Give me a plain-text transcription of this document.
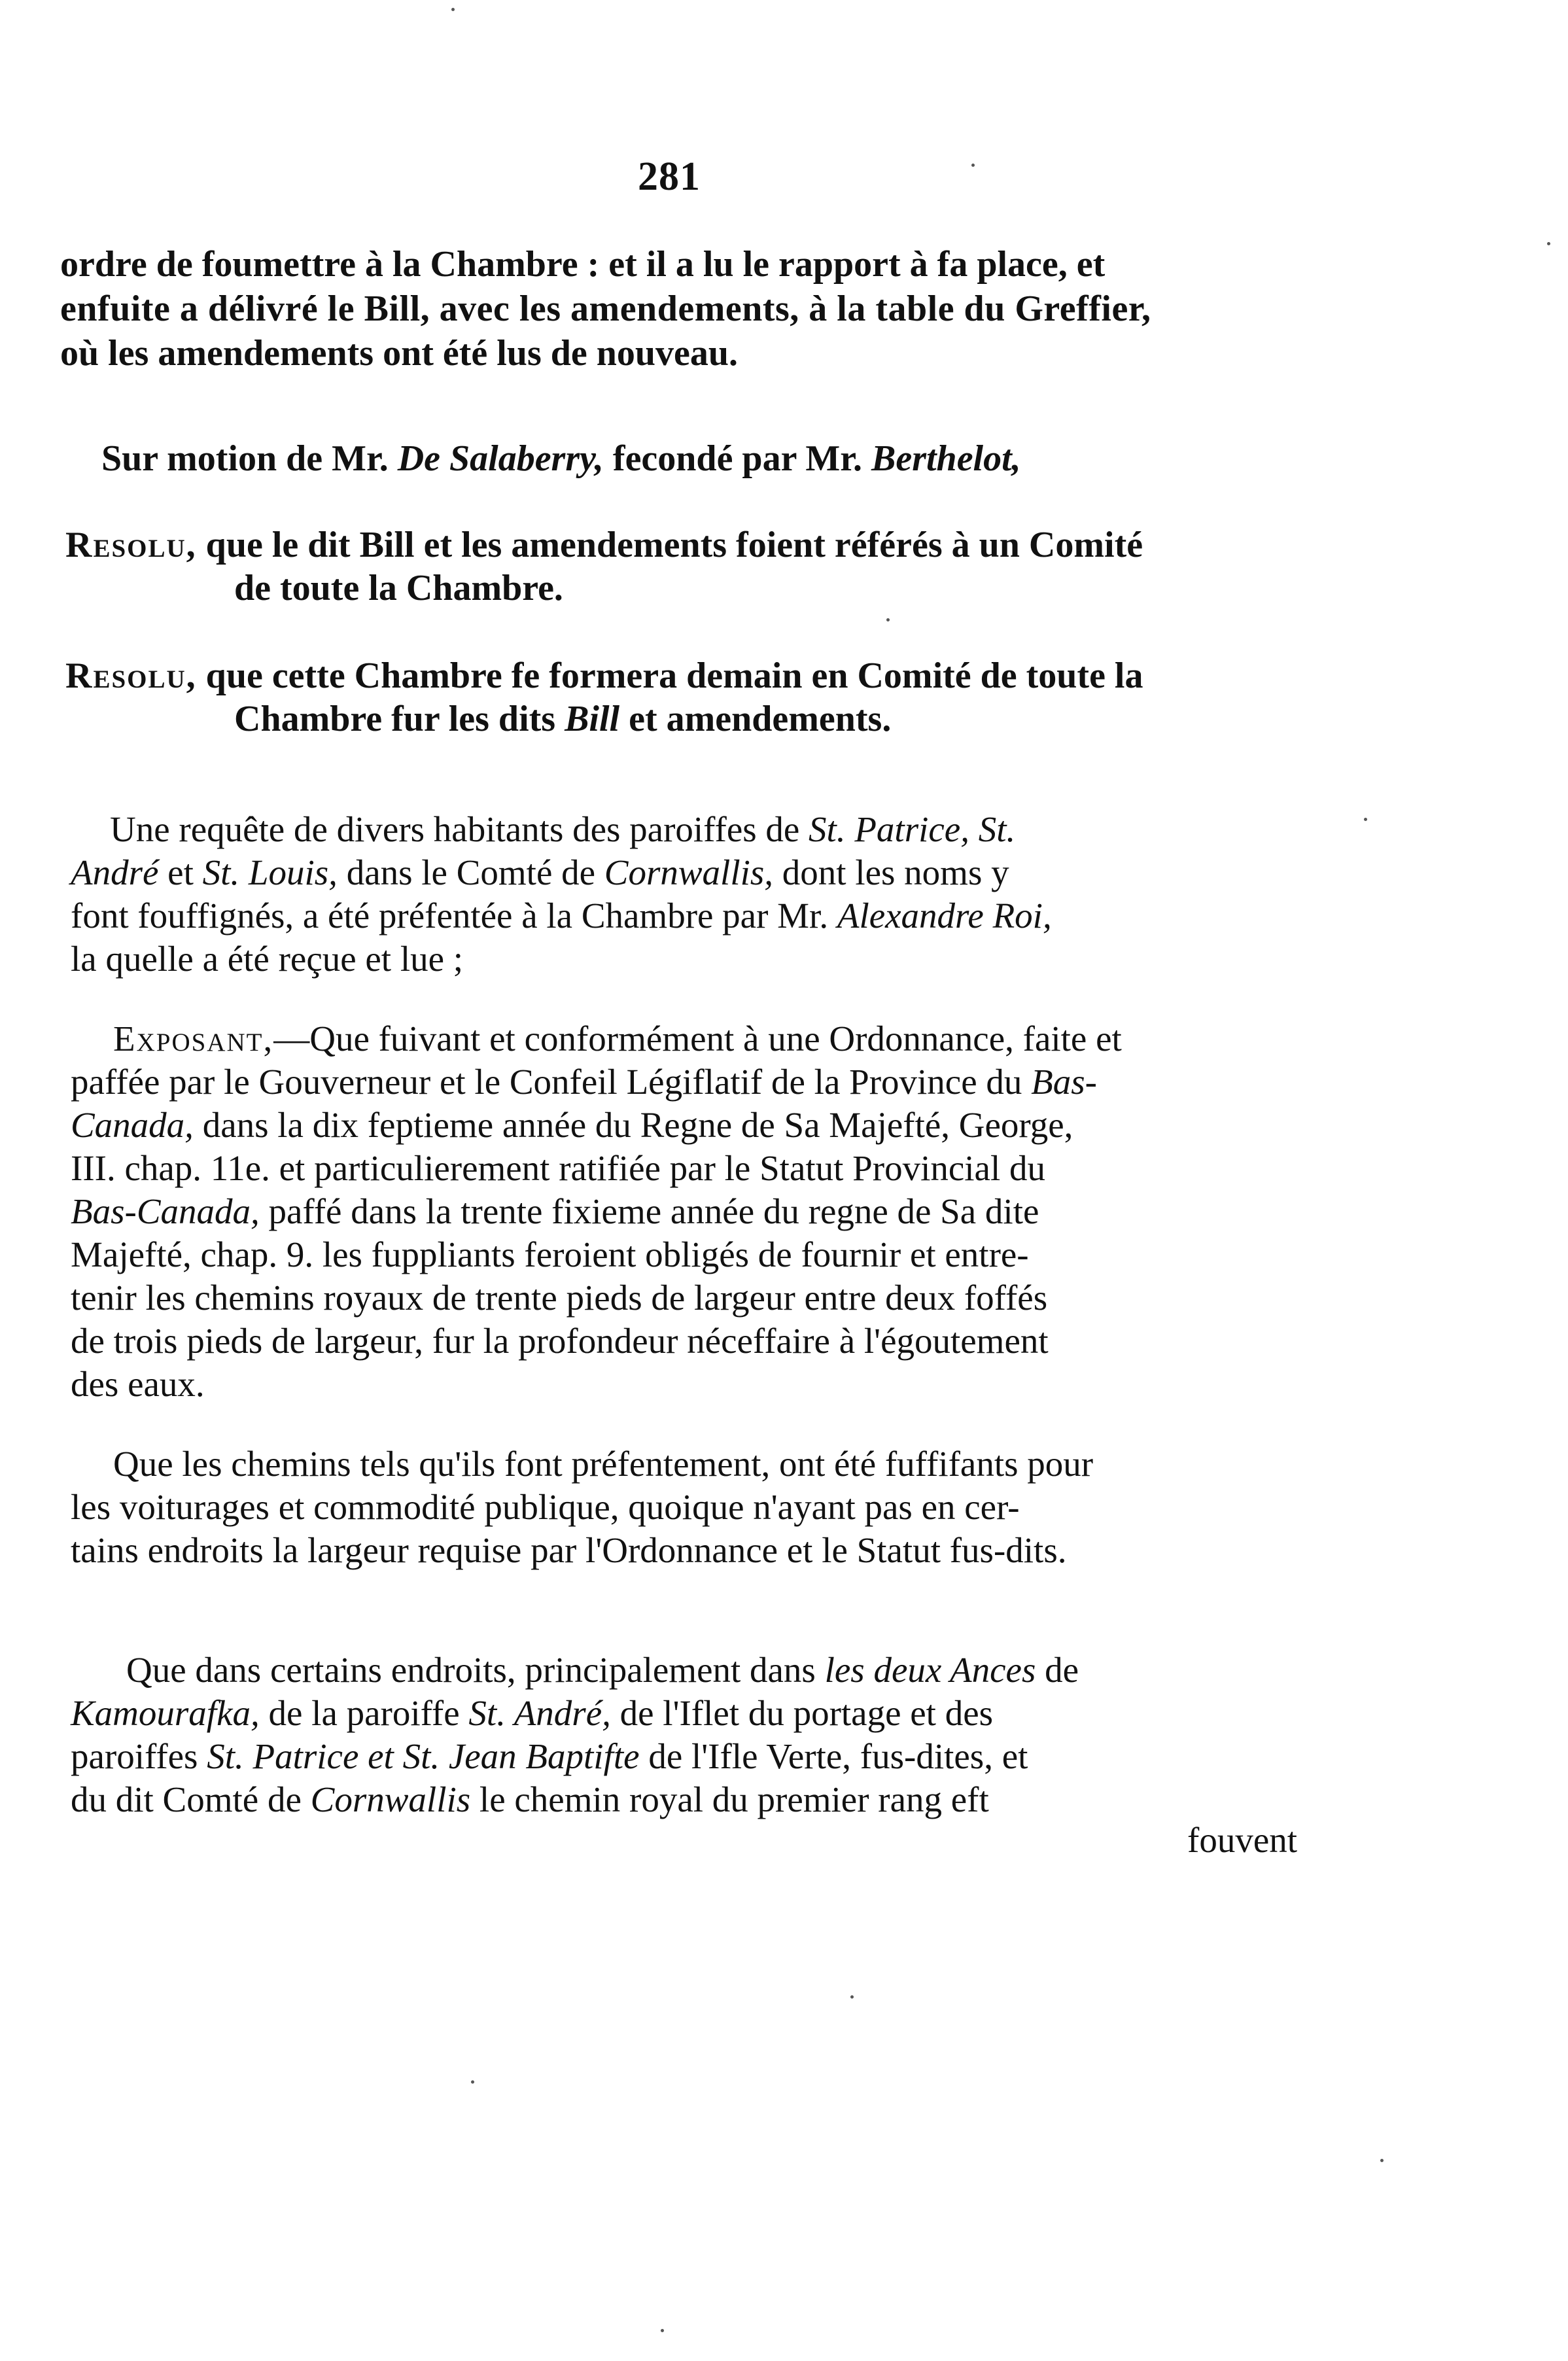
281
ordre de foumettre à la Chambre : et il a lu le rapport à fa place, et
enfuite a délivré le Bill, avec les amendements, à la table du Greffier,
où les amendements ont été lus de nouveau.
Sur motion de Mr. De Salaberry, fecondé par Mr. Berthelot,
Resolu, que le dit Bill et les amendements foient référés à un Comité
de toute la Chambre.
Resolu, que cette Chambre fe formera demain en Comité de toute la
Chambre fur les dits Bill et amendements.
Une requête de divers habitants des paroiffes de St. Patrice, St.
André et St. Louis, dans le Comté de Cornwallis, dont les noms y
font fouffignés, a été préfentée à la Chambre par Mr. Alexandre Roi,
la quelle a été reçue et lue ;
Exposant,—Que fuivant et conformément à une Ordonnance, faite et
paffée par le Gouverneur et le Confeil Légiflatif de la Province du Bas-
Canada, dans la dix feptieme année du Regne de Sa Majefté, George,
III. chap. 11e. et particulierement ratifiée par le Statut Provincial du
Bas-Canada, paffé dans la trente fixieme année du regne de Sa dite
Majefté, chap. 9. les fuppliants feroient obligés de fournir et entre-
tenir les chemins royaux de trente pieds de largeur entre deux foffés
de trois pieds de largeur, fur la profondeur néceffaire à l'égoutement
des eaux.
Que les chemins tels qu'ils font préfentement, ont été fuffifants pour
les voiturages et commodité publique, quoique n'ayant pas en cer-
tains endroits la largeur requise par l'Ordonnance et le Statut fus-dits.
Que dans certains endroits, principalement dans les deux Ances de
Kamourafka, de la paroiffe St. André, de l'Iflet du portage et des
paroiffes St. Patrice et St. Jean Baptifte de l'Ifle Verte, fus-dites, et
du dit Comté de Cornwallis le chemin royal du premier rang eft
fouvent
